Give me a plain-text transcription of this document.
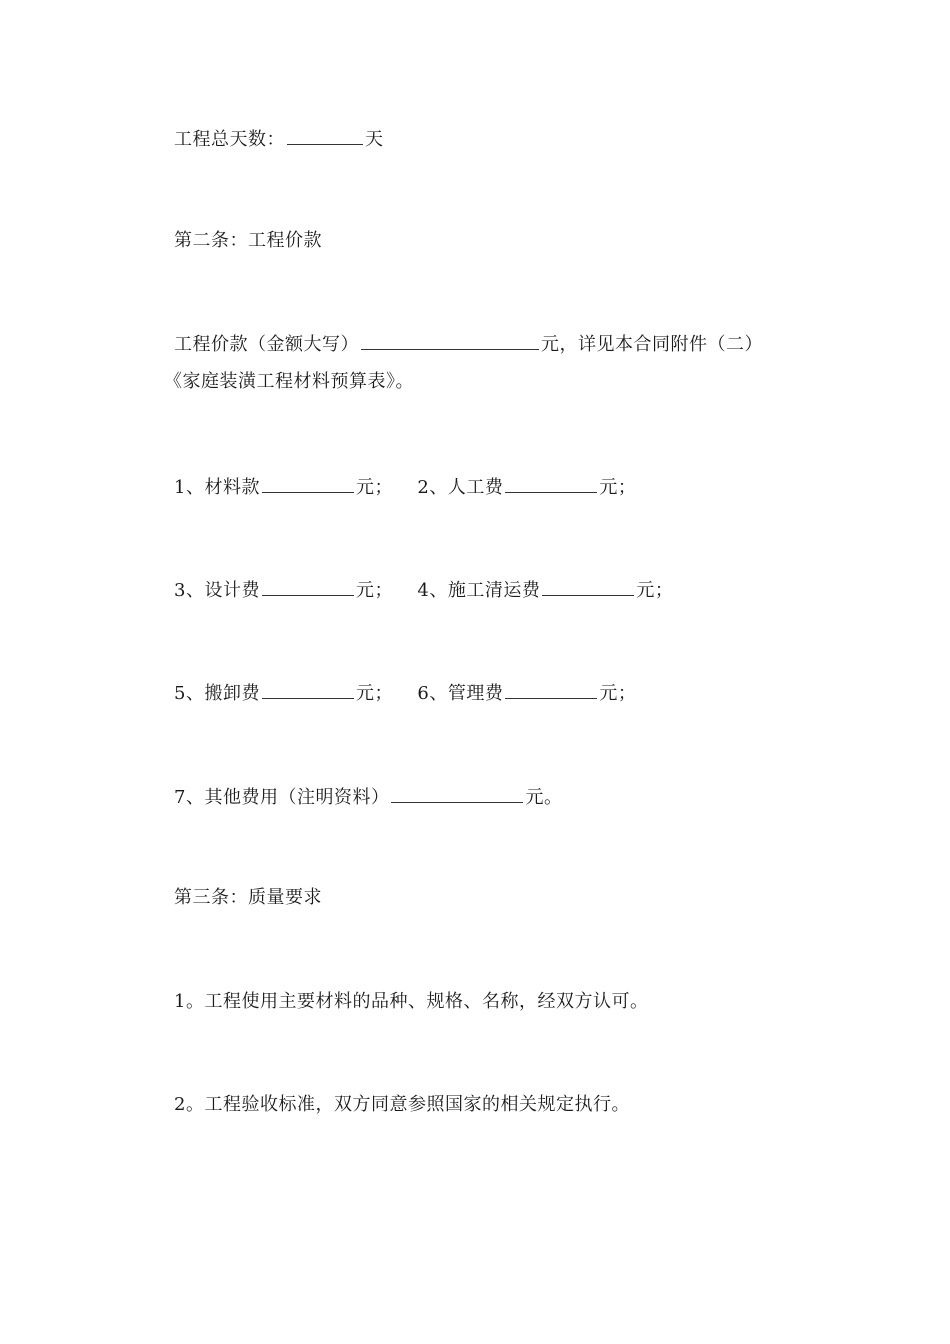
工程总天数：	天
第二条：工程价款
工程价款（金额大写）	元，详见本合同附件（二）
《家庭装潢工程材料预算表》。
1、材料款	元； 2、人工费	元；
3、设计费	元； 4、施工清运费	元；
5、搬卸费	元； 6、管理费	元；
7、其他费用（注明资料）	元。
第三条：质量要求
1。工程使用主要材料的品种、规格、名称，经双方认可。
2。工程验收标准，双方同意参照国家的相关规定执行。
